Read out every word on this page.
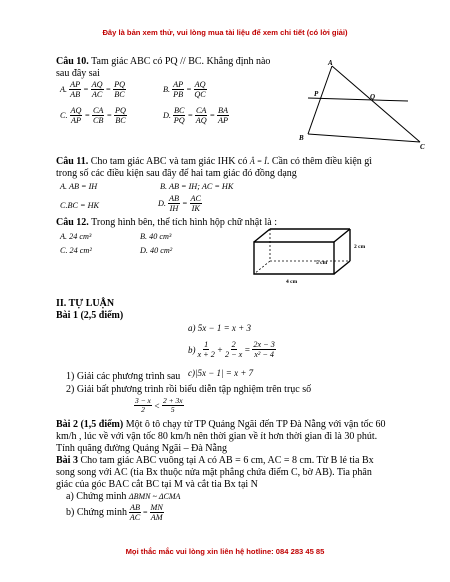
Đây là bản xem thử, vui lòng mua tài liệu để xem chi tiết (có lời giải)
Câu 10. Tam giác ABC có PQ // BC. Khẳng định nào
sau đây sai
A. $\frac{AP}{AB} = \frac{AQ}{AC} = \frac{PQ}{BC}$	B. $\frac{AP}{PB} = \frac{AQ}{QC}$
C. $\frac{AQ}{AP} = \frac{CA}{CB} = \frac{PQ}{BC}$	D. $\frac{BC}{PQ} = \frac{CA}{AQ} = \frac{BA}{AP}$
A
P	Q
B
C
Câu 11. Cho tam giác ABC và tam giác IHK có Â = Î. Cần có thêm điều kiện gì
trong số các điều kiện sau đây để hai tam giác đó đồng dạng
A. AB = IH	B. AB = IH; AC = HK
C.BC = HK	D. $\frac{AB}{IH} = \frac{AC}{IK}$
Câu 12. Trong hình bên, thể tích hình hộp chữ nhật là :
A. 24 cm³	B. 40 cm³
C. 24 cm²	D. 40 cm²	2 cm
5 cm
4 cm
II. TỰ LUẬN
Bài 1 (2,5 điểm)
a) 5x − 1 = x + 3
$b) \frac{1}{x + 2} + \frac{2}{2 - x} = \frac{2x - 3}{\text{x² − 4}}$
c)|5x − 1| = x + 7
1) Giải các phương trình sau
2) Giải bất phương trình rồi biểu diễn tập nghiệm trên trục số
$\frac{3 - x}{2} < \frac{2 + 3x}{5}$
Bài 2 (1,5 điểm) Một ô tô chạy từ TP Quảng Ngãi đến TP Đà Nẵng với vận tốc 60
km/h , lúc về với vận tốc 80 km/h nên thời gian về ít hơn thời gian đi là 30 phút.
Tính quãng đường Quảng Ngãi – Đà Nẵng
Bài 3 Cho tam giác ABC vuông tại A có AB = 6 cm, AC = 8 cm. Từ B lẻ tia Bx
song song với AC (tia Bx thuộc nửa mặt phẳng chứa điểm C, bờ AB). Tia phân
giác của góc BAC cắt BC tại M và cắt tia Bx tại N
a) Chứng minh ΔBMN ~ ΔCMA
b) Chứng minh $\frac{AB}{AC} = \frac{MN}{AM}$
Mọi thắc mắc vui lòng xin liên hệ hotline: 084 283 45 85
